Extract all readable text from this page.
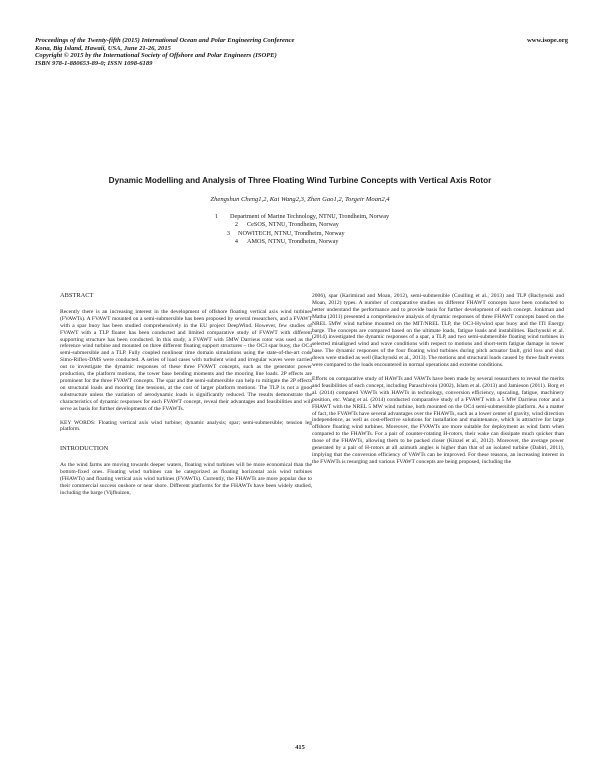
Proceedings of the Twenty-fifth (2015) International Ocean and Polar Engineering Conference
Kona, Big Island, Hawaii, USA, June 21-26, 2015
Copyright © 2015 by the International Society of Offshore and Polar Engineers (ISOPE)
ISBN 978-1-880653-89-0; ISSN 1098-6189
www.isope.org
Dynamic Modelling and Analysis of Three Floating Wind Turbine Concepts with Vertical Axis Rotor
Zhengshun Cheng1,2, Kai Wang2,3, Zhen Gao1,2, Torgeir Moan2,4
1	Department of Marine Technology, NTNU, Trondheim, Norway
2	CeSOS, NTNU, Trondheim, Norway
3	NOWITECH, NTNU, Trondheim, Norway
4	AMOS, NTNU, Trondheim, Norway
ABSTRACT

Recently there is an increasing interest in the development of offshore floating vertical axis wind turbines (FVAWTs). A FVAWT mounted on a semi-submersible has been proposed by several researchers, and a FVAWT with a spar buoy has been studied comprehensively in the EU project DeepWind. However, few studies of FVAWT with a TLP floater has been conducted and limited comparative study of FVAWT with different supporting structure has been conducted. In this study, a FVAWT with 5MW Darrieus rotor was used as the reference wind turbine and mounted on three different floating support structures – the OC3 spar buoy, the OC4 semi-submersible and a TLP. Fully coupled nonlinear time domain simulations using the state-of-the-art code Simo-Riflex-DMS were conducted. A series of load cases with turbulent wind and irregular waves were carried out to investigate the dynamic responses of these three FVAWT concepts, such as the generator power production, the platform motions, the tower base bending moments and the mooring line loads. 2P effects are prominent for the three FVAWT concepts. The spar and the semi-submersible can help to mitigate the 2P effects on structural loads and mooring line tensions, at the cost of larger platform motions. The TLP is not a good substructure unless the variation of aerodynamic loads is significantly reduced. The results demonstrate the characteristics of dynamic responses for each FVAWT concept, reveal their advantages and feasibilities and will serve as basis for further developments of the FVAWTs.

KEY WORDS: Floating vertical axis wind turbine; dynamic analysis; spar; semi-submersible; tension leg platform.

INTRODUCTION

As the wind farms are moving towards deeper waters, floating wind turbines will be more economical than the bottom-fixed ones. Floating wind turbines can be categorized as floating horizontal axis wind turbines (FHAWTs) and floating vertical axis wind turbines (FVAWTs). Currently, the FHAWTs are more popular due to their commercial success onshore or near shore. Different platforms for the FHAWTs have been widely studied, including the barge (Vijfhuizen,

2006), spar (Karimirad and Moan, 2012), semi-submersible (Coulling et al., 2013) and TLP (Bachynski and Moan, 2012) types. A number of comparative studies on different FHAWT concepts have been conducted to better understand the performance and to provide basis for further development of each concept. Jonkman and Matha (2011) presented a comprehensive analysis of dynamic responses of three FHAWT concepts based on the NREL 5MW wind turbine mounted on the MIT/NREL TLP, the OC3-Hywind spar buoy and the ITI Energy barge. The concepts are compared based on the ultimate loads, fatigue loads and instabilities. Bachynski et al. (2014) investigated the dynamic responses of a spar, a TLP, and two semi-submersible floating wind turbines in selected misaligned wind and wave conditions with respect to motions and short-term fatigue damage in tower base. The dynamic responses of the four floating wind turbines during pitch actuator fault, grid loss and shut down were studied as well (Bachynski et al., 2013). The motions and structural loads caused by three fault events were compared to the loads encountered in normal operations and extreme conditions.

Efforts on comparative study of HAWTs and VAWTs have been made by several researchers to reveal the merits and feasibilities of each concept, including Paraschivoiu (2002), Islam et al. (2013) and Jamieson (2011). Borg et al. (2014) compared VAWTs with HAWTs in technology, conversion efficiency, upscaling, fatigue, machinery position, etc. Wang et al. (2014) conducted comparative study of a FVAWT with a 5 MW Darrieus rotor and a FHAWT with the NREL 5 MW wind turbine, both mounted on the OC4 semi-submersible platform. As a matter of fact, the FVAWTs have several advantages over the FHAWTs, such as a lower center of gravity, wind direction independence, as well as cost-effective solutions for installation and maintenance, which is attractive for large offshore floating wind turbines. Moreover, the FVAWTs are more suitable for deployment as wind farm when compared to the FHAWTs. For a pair of counter-rotating H-rotors, their wake can dissipate much quicker than those of the FHAWTs, allowing them to be packed closer (Kinzel et al., 2012). Moreover, the average power generated by a pair of H-rotors at all azimuth angles is higher than that of an isolated turbine (Dabiri, 2011), implying that the conversion efficiency of VAWTs can be improved. For these reasons, an increasing interest in the FVAWTs is resurging and various FVAWT concepts are being proposed, including the

415
